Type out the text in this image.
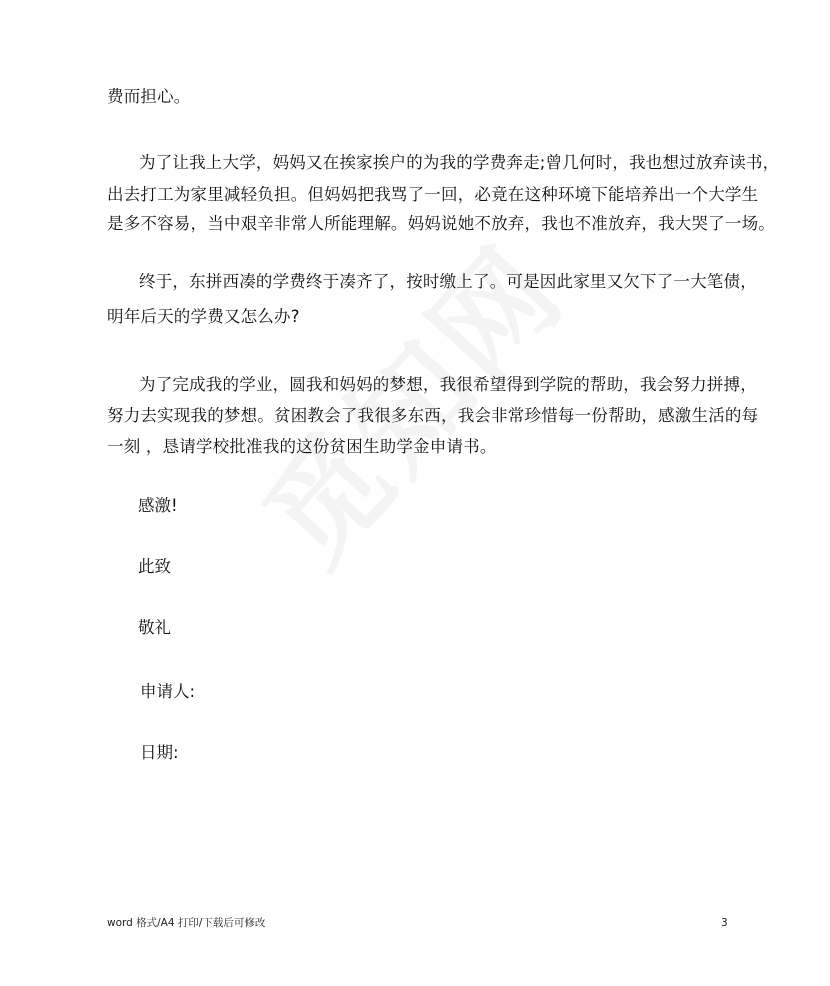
费而担心。
为了让我上大学，妈妈又在挨家挨户的为我的学费奔走;曾几何时，我也想过放弃读书，
出去打工为家里减轻负担。但妈妈把我骂了一回，必竟在这种环境下能培养出一个大学生
是多不容易，当中艰辛非常人所能理解。妈妈说她不放弃，我也不准放弃，我大哭了一场。
终于，东拼西凑的学费终于凑齐了，按时缴上了。可是因此家里又欠下了一大笔债，
明年后天的学费又怎么办?
为了完成我的学业，圆我和妈妈的梦想，我很希望得到学院的帮助，我会努力拼搏，
努力去实现我的梦想。贫困教会了我很多东西，我会非常珍惜每一份帮助，感激生活的每
一刻 ，恳请学校批准我的这份贫困生助学金申请书。
感激!
此致
敬礼
申请人:
日期:
word 格式/A4 打印/下载后可修改	3
